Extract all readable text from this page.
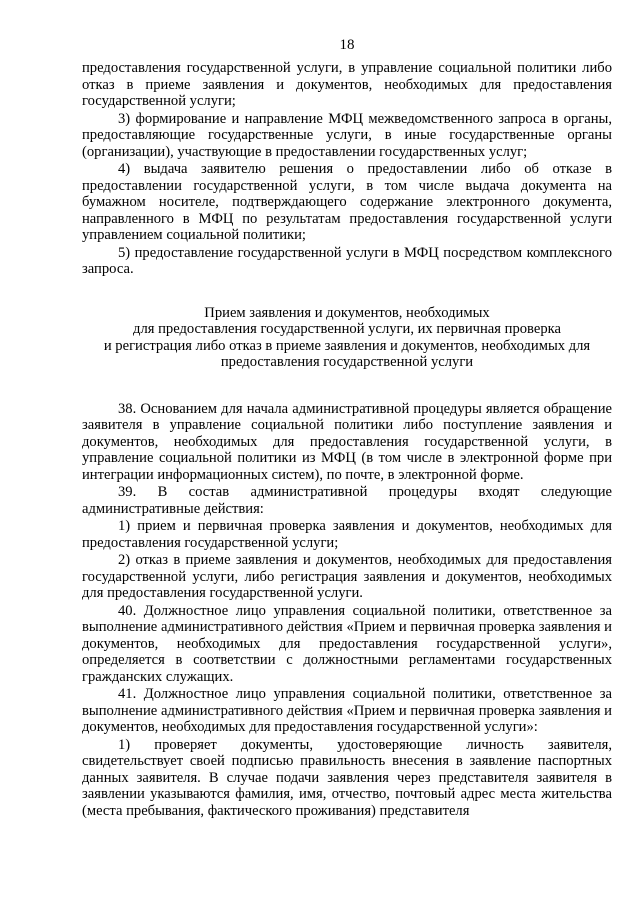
18

предоставления государственной услуги, в управление социальной политики либо отказ в приеме заявления и документов, необходимых для предоставления государственной услуги;

3) формирование и направление МФЦ межведомственного запроса в органы, предоставляющие государственные услуги, в иные государственные органы (организации), участвующие в предоставлении государственных услуг;

4) выдача заявителю решения о предоставлении либо об отказе в предоставлении государственной услуги, в том числе выдача документа на бумажном носителе, подтверждающего содержание электронного документа, направленного в МФЦ по результатам предоставления государственной услуги управлением социальной политики;

5) предоставление государственной услуги в МФЦ посредством комплексного запроса.

Прием заявления и документов, необходимых
для предоставления государственной услуги, их первичная проверка
и регистрация либо отказ в приеме заявления и документов, необходимых для
предоставления государственной услуги

38. Основанием для начала административной процедуры является обращение заявителя в управление социальной политики либо поступление заявления и документов, необходимых для предоставления государственной услуги, в управление социальной политики из МФЦ (в том числе в электронной форме при интеграции информационных систем), по почте, в электронной форме.

39. В состав административной процедуры входят следующие административные действия:

1) прием и первичная проверка заявления и документов, необходимых для предоставления государственной услуги;

2) отказ в приеме заявления и документов, необходимых для предоставления государственной услуги, либо регистрация заявления и документов, необходимых для предоставления государственной услуги.

40. Должностное лицо управления социальной политики, ответственное за выполнение административного действия «Прием и первичная проверка заявления и документов, необходимых для предоставления государственной услуги», определяется в соответствии с должностными регламентами государственных гражданских служащих.

41. Должностное лицо управления социальной политики, ответственное за выполнение административного действия «Прием и первичная проверка заявления и документов, необходимых для предоставления государственной услуги»:

1) проверяет документы, удостоверяющие личность заявителя, свидетельствует своей подписью правильность внесения в заявление паспортных данных заявителя. В случае подачи заявления через представителя заявителя в заявлении указываются фамилия, имя, отчество, почтовый адрес места жительства (места пребывания, фактического проживания) представителя
